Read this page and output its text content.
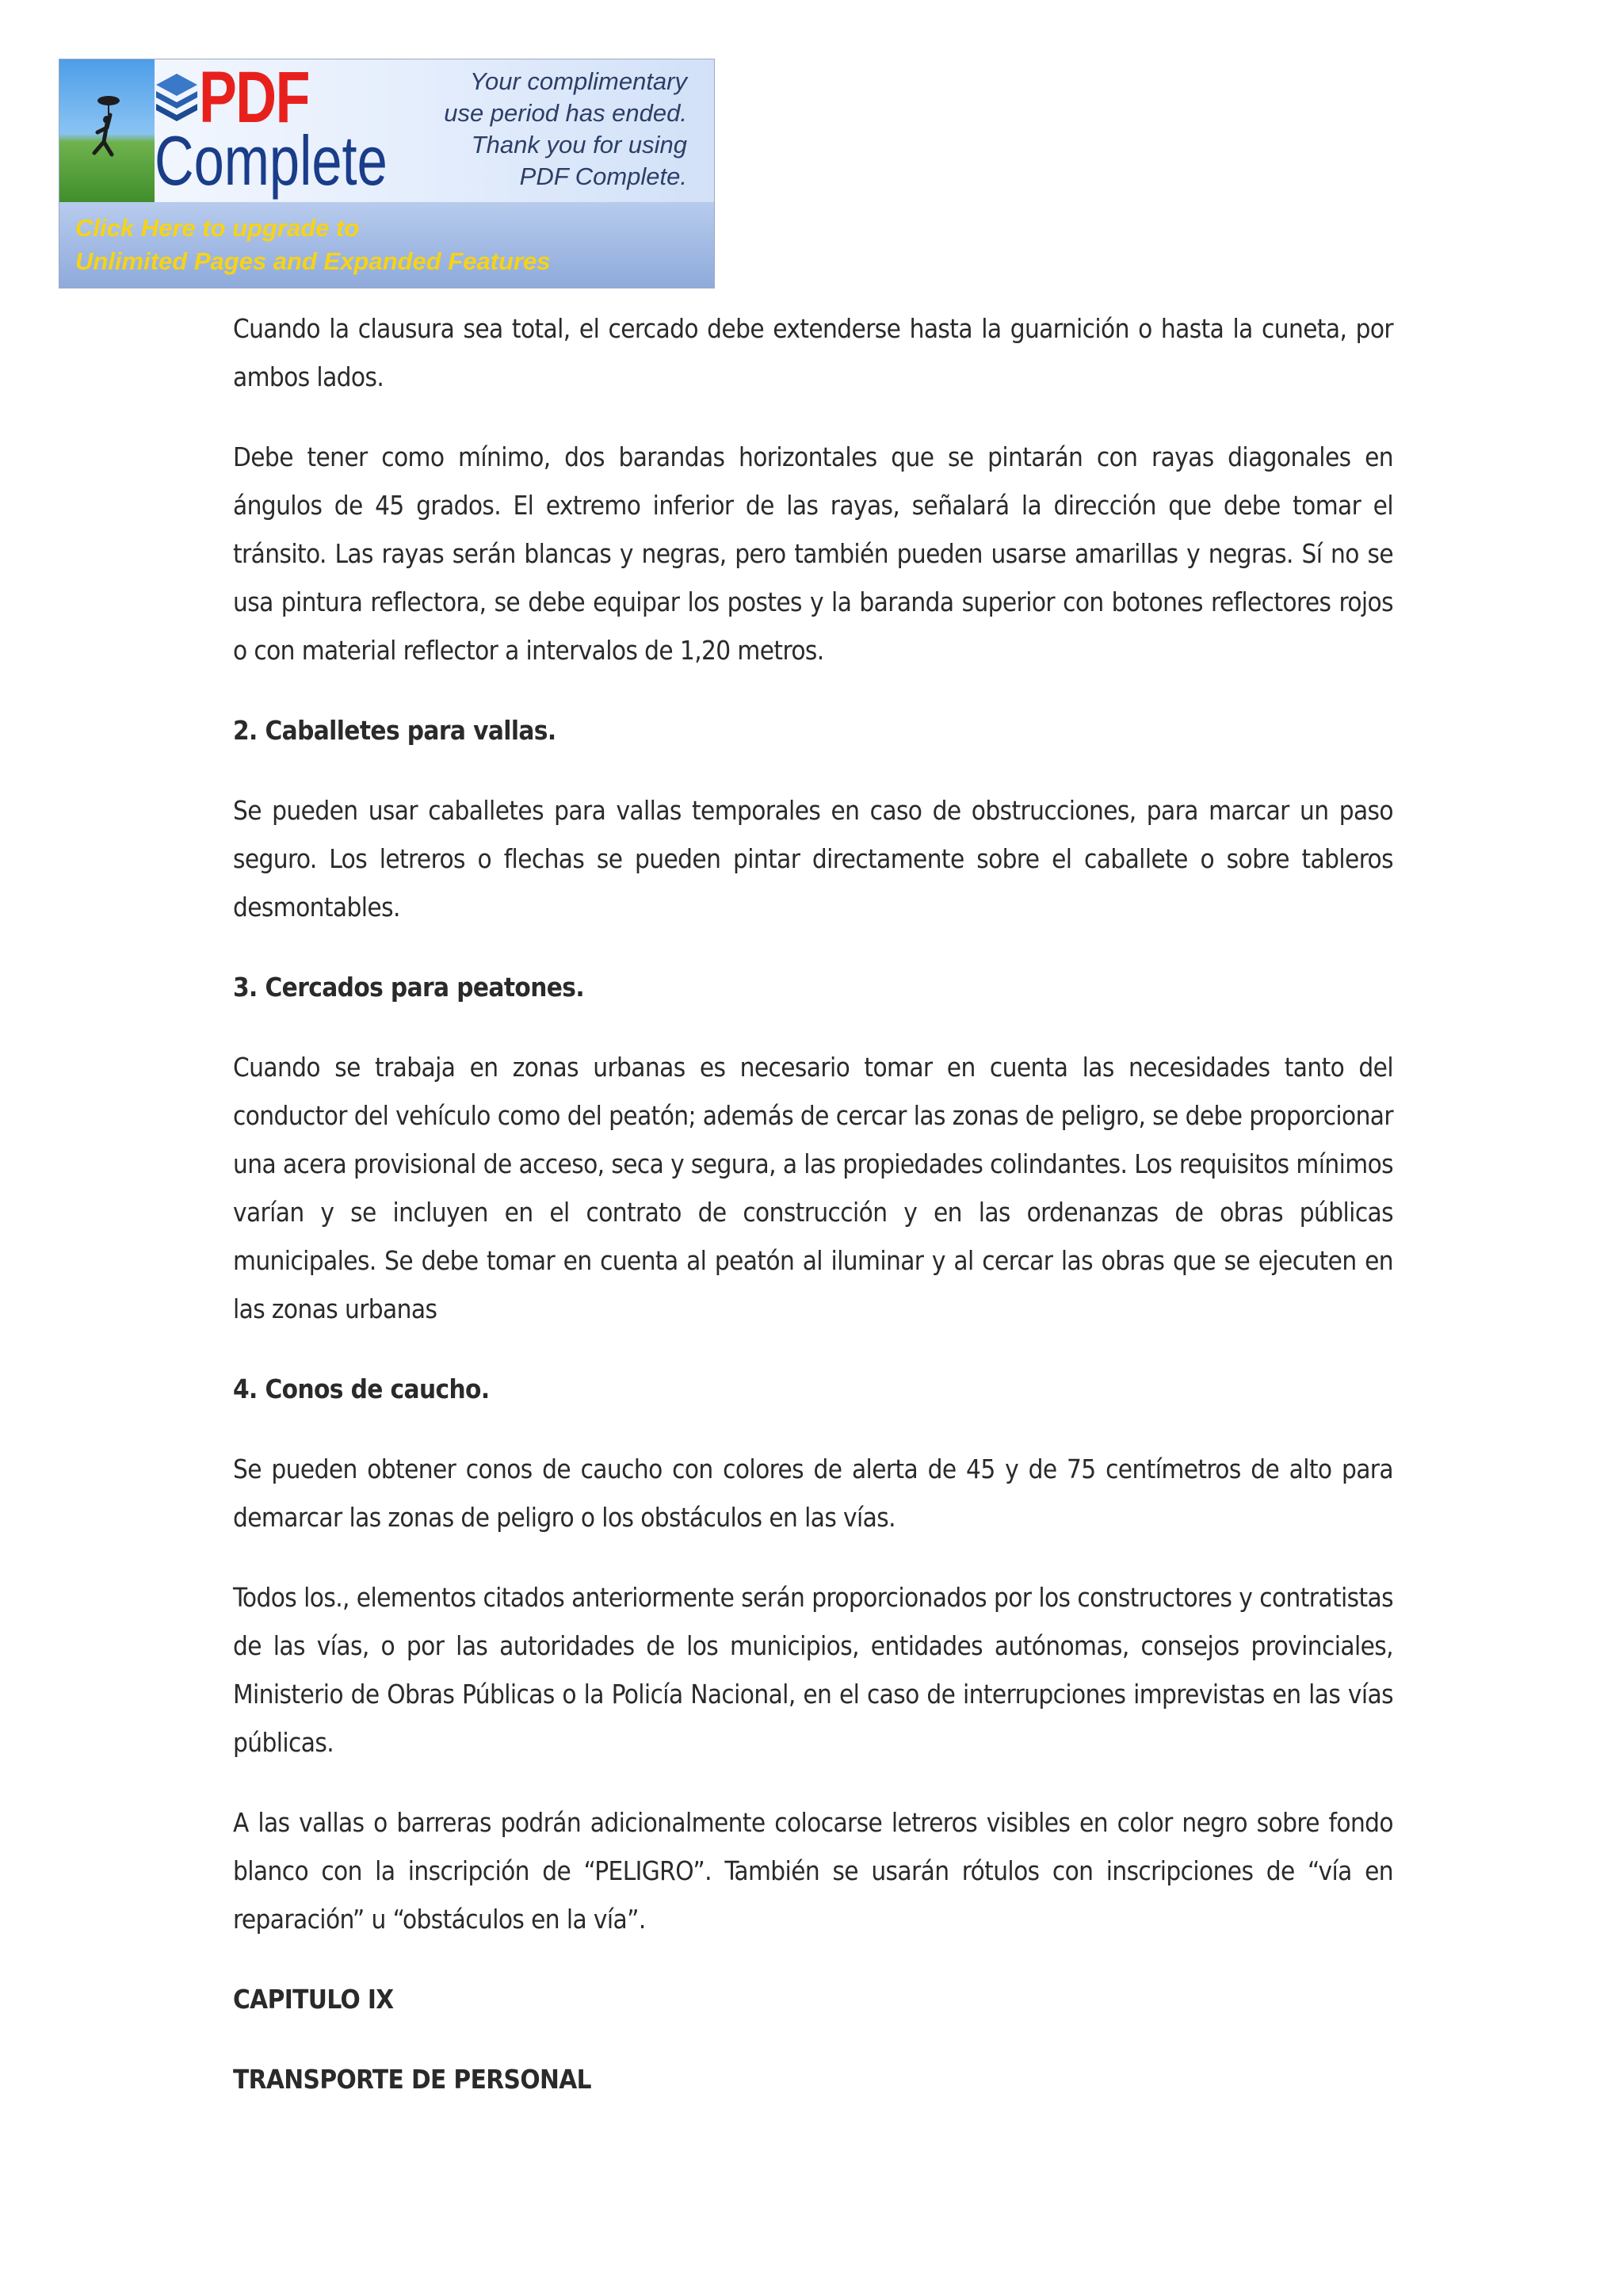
PDF
Complete
Your complimentary
use period has ended.
Thank you for using
PDF Complete.
Click Here to upgrade to
Unlimited Pages and Expanded Features

Cuando la clausura sea total, el cercado debe extenderse hasta la guarnición o hasta la cuneta, por ambos lados.

Debe tener como mínimo, dos barandas horizontales que se pintarán con rayas diagonales en ángulos de 45 grados. El extremo inferior de las rayas, señalará la dirección que debe tomar el tránsito. Las rayas serán blancas y negras, pero también pueden usarse amarillas y negras. Sí no se usa pintura reflectora, se debe equipar los postes y la baranda superior con botones reflectores rojos o con material reflector a intervalos de 1,20 metros.

2. Caballetes para vallas.

Se pueden usar caballetes para vallas temporales en caso de obstrucciones, para marcar un paso seguro. Los letreros o flechas se pueden pintar directamente sobre el caballete o sobre tableros desmontables.

3. Cercados para peatones.

Cuando se trabaja en zonas urbanas es necesario tomar en cuenta las necesidades tanto del conductor del vehículo como del peatón; además de cercar las zonas de peligro, se debe proporcionar una acera provisional de acceso, seca y segura, a las propiedades colindantes. Los requisitos mínimos varían y se incluyen en el contrato de construcción y en las ordenanzas de obras públicas municipales. Se debe tomar en cuenta al peatón al iluminar y al cercar las obras que se ejecuten en las zonas urbanas

4. Conos de caucho.

Se pueden obtener conos de caucho con colores de alerta de 45 y de 75 centímetros de alto para demarcar las zonas de peligro o los obstáculos en las vías.

Todos los., elementos citados anteriormente serán proporcionados por los constructores y contratistas de las vías, o por las autoridades de los municipios, entidades autónomas, consejos provinciales, Ministerio de Obras Públicas o la Policía Nacional, en el caso de interrupciones imprevistas en las vías públicas.

A las vallas o barreras podrán adicionalmente colocarse letreros visibles en color negro sobre fondo blanco con la inscripción de “PELIGRO”. También se usarán rótulos con inscripciones de “vía en reparación” u “obstáculos en la vía”.

CAPITULO IX

TRANSPORTE DE PERSONAL
